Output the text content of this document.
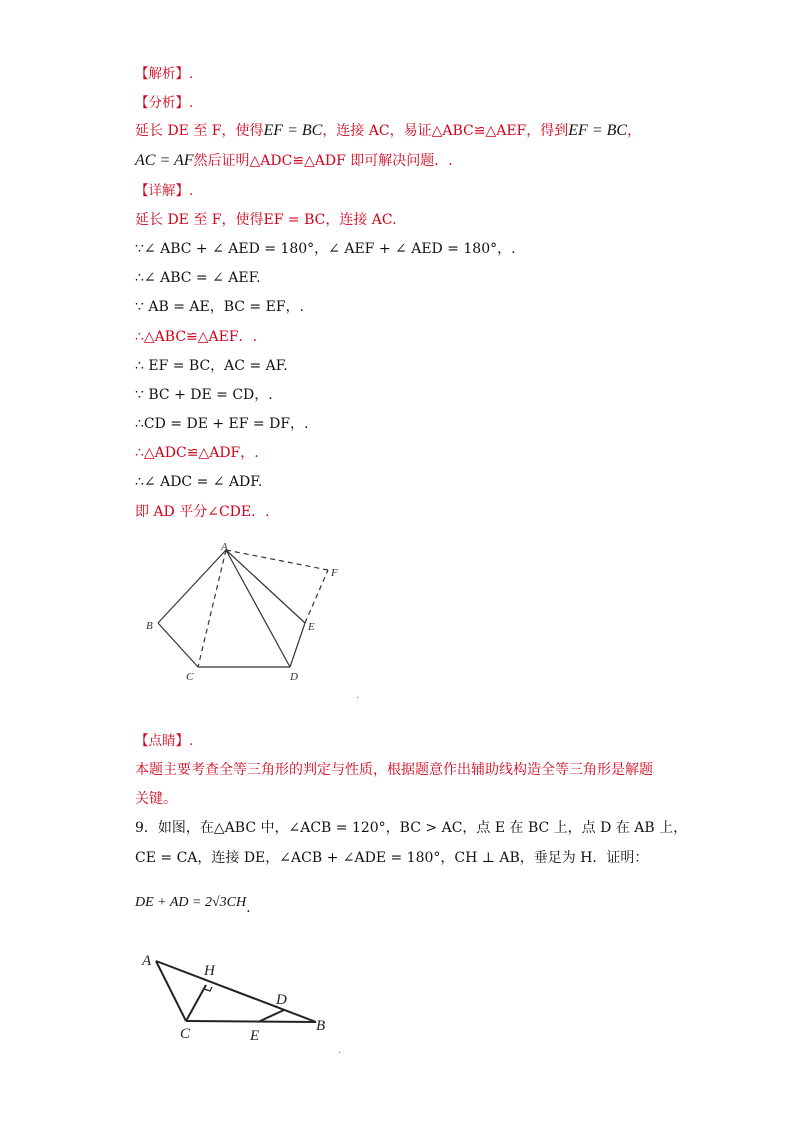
【解析】.
【分析】.
延长 DE 至 F，使得EF = BC，连接 AC，易证△ABC≌△AEF，得到EF = BC，
AC = AF然后证明△ADC≌△ADF 即可解决问题．.
【详解】.
延长 DE 至 F，使得EF = BC，连接 AC.
∵∠ ABC + ∠ AED = 180°，∠ AEF + ∠ AED = 180°，.
∴∠ ABC = ∠ AEF.
∵ AB = AE，BC = EF，.
∴△ABC≌△AEF．.
∴ EF = BC，AC = AF.
∵ BC + DE = CD，.
∴CD = DE + EF = DF，.
∴△ADC≌△ADF，.
∴∠ ADC = ∠ ADF.
即 AD 平分∠CDE．.
A
B
C	D
E
F
.
【点睛】.
本题主要考查全等三角形的判定与性质，根据题意作出辅助线构造全等三角形是解题
关键。
9．如图，在△ABC 中，∠ACB = 120°，BC > AC，点 E 在 BC 上，点 D 在 AB 上，
CE = CA，连接 DE，∠ACB + ∠ADE = 180°，CH ⊥ AB，垂足为 H．证明：
DE + AD = 2√3CH.
A
H
D
C	E
B
.
